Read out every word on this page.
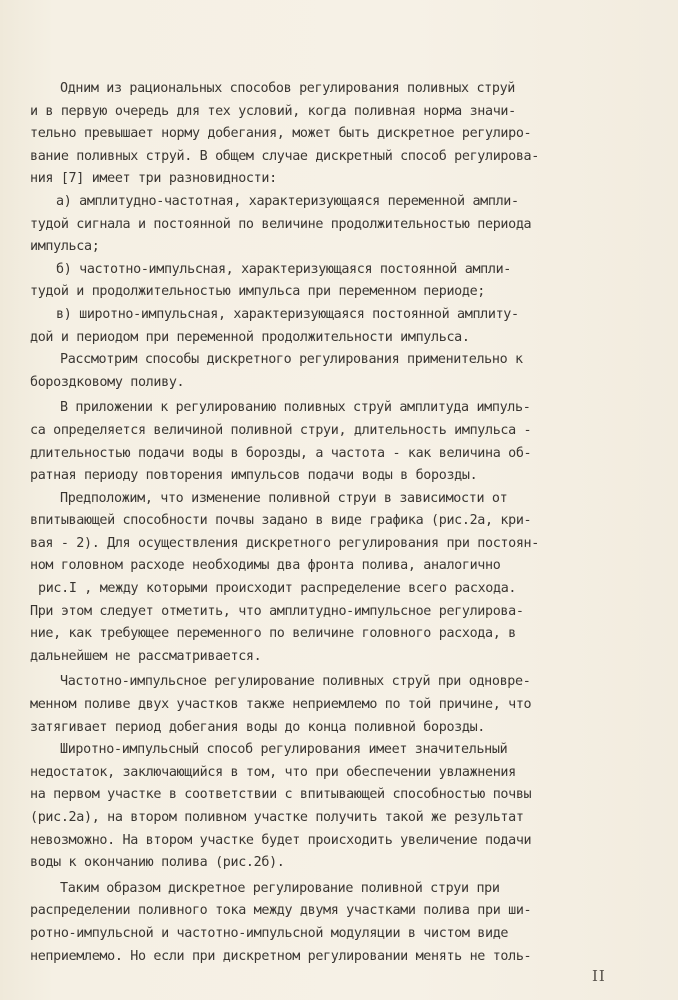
Одним из рациональных способов регулирования поливных струй
и в первую очередь для тех условий, когда поливная норма значи-
тельно превышает норму добегания, может быть дискретное регулиро-
вание поливных струй. В общем случае дискретный способ регулирова-
ния [7] имеет три разновидности:
а) амплитудно-частотная, характеризующаяся переменной ампли-
тудой сигнала и постоянной по величине продолжительностью периода
импульса;
б) частотно-импульсная, характеризующаяся постоянной ампли-
тудой и продолжительностью импульса при переменном периоде;
в) широтно-импульсная, характеризующаяся постоянной амплиту-
дой и периодом при переменной продолжительности импульса.
Рассмотрим способы дискретного регулирования применительно к
бороздковому поливу.
В приложении к регулированию поливных струй амплитуда импуль-
са определяется величиной поливной струи, длительность импульса -
длительностью подачи воды в борозды, а частота - как величина об-
ратная периоду повторения импульсов подачи воды в борозды.
Предположим, что изменение поливной струи в зависимости от
впитывающей способности почвы задано в виде графика (рис.2а, кри-
вая - 2). Для осуществления дискретного регулирования при постоян-
ном головном расходе необходимы два фронта полива, аналогично
рис.I , между которыми происходит распределение всего расхода.
При этом следует отметить, что амплитудно-импульсное регулирова-
ние, как требующее переменного по величине головного расхода, в
дальнейшем не рассматривается.
Частотно-импульсное регулирование поливных струй при одновре-
менном поливе двух участков также неприемлемо по той причине, что
затягивает период добегания воды до конца поливной борозды.
Широтно-импульсный способ регулирования имеет значительный
недостаток, заключающийся в том, что при обеспечении увлажнения
на первом участке в соответствии с впитывающей способностью почвы
(рис.2а), на втором поливном участке получить такой же результат
невозможно. На втором участке будет происходить увеличение подачи
воды к окончанию полива (рис.2б).
Таким образом дискретное регулирование поливной струи при
распределении поливного тока между двумя участками полива при ши-
ротно-импульсной и частотно-импульсной модуляции в чистом виде
неприемлемо. Но если при дискретном регулировании менять не толь-
II
